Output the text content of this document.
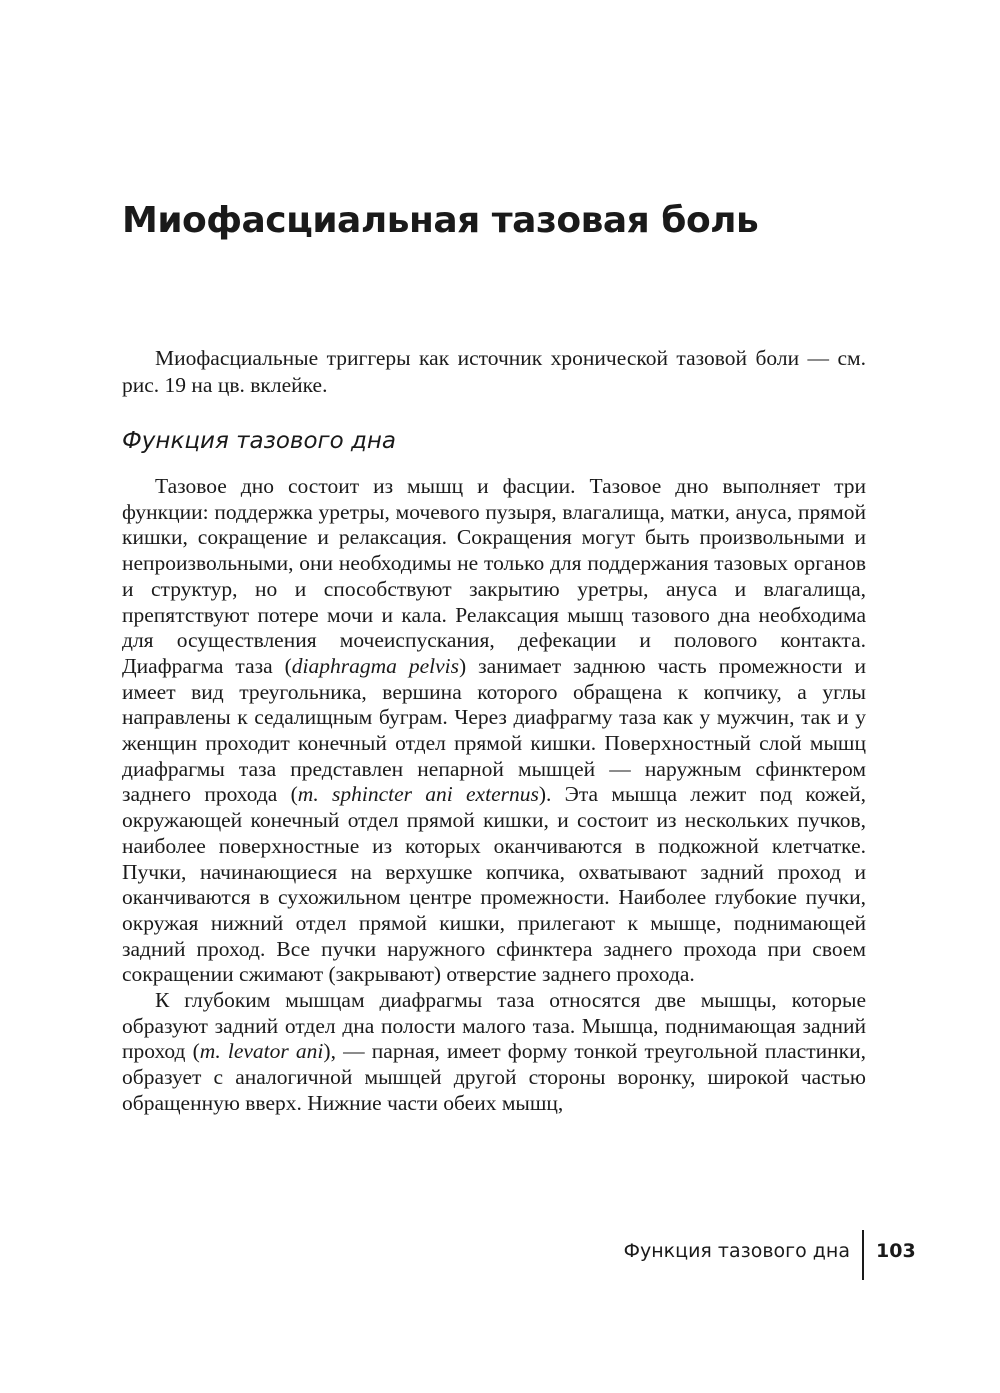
Миофасциальная тазовая боль

Миофасциальные триггеры как источник хронической тазовой боли — см. рис. 19 на цв. вклейке.

Функция тазового дна

Тазовое дно состоит из мышц и фасции. Тазовое дно выполняет три функции: поддержка уретры, мочевого пузыря, влагалища, матки, ануса, прямой кишки, сокращение и релаксация. Сокращения могут быть произвольными и непроизвольными, они необходимы не только для поддержания тазовых органов и структур, но и способствуют закрытию уретры, ануса и влагалища, препятствуют потере мочи и кала. Релаксация мышц тазового дна необходима для осуществления мочеиспускания, дефекации и полового контакта. Диафрагма таза (diaphragma pelvis) занимает заднюю часть промежности и имеет вид треугольника, вершина которого обращена к копчику, а углы направлены к седалищным буграм. Через диафрагму таза как у мужчин, так и у женщин проходит конечный отдел прямой кишки. Поверхностный слой мышц диафрагмы таза представлен непарной мышцей — наружным сфинктером заднего прохода (m. sphincter ani externus). Эта мышца лежит под кожей, окружающей конечный отдел прямой кишки, и состоит из нескольких пучков, наиболее поверхностные из которых оканчиваются в подкожной клетчатке. Пучки, начинающиеся на верхушке копчика, охватывают задний проход и оканчиваются в сухожильном центре промежности. Наиболее глубокие пучки, окружая нижний отдел прямой кишки, прилегают к мышце, поднимающей задний проход. Все пучки наружного сфинктера заднего прохода при своем сокращении сжимают (закрывают) отверстие заднего прохода.

К глубоким мышцам диафрагмы таза относятся две мышцы, которые образуют задний отдел дна полости малого таза. Мышца, поднимающая задний проход (m. levator ani), — парная, имеет форму тонкой треугольной пластинки, образует с аналогичной мышцей другой стороны воронку, широкой частью обращенную вверх. Нижние части обеих мышц,

Функция тазового дна 103
